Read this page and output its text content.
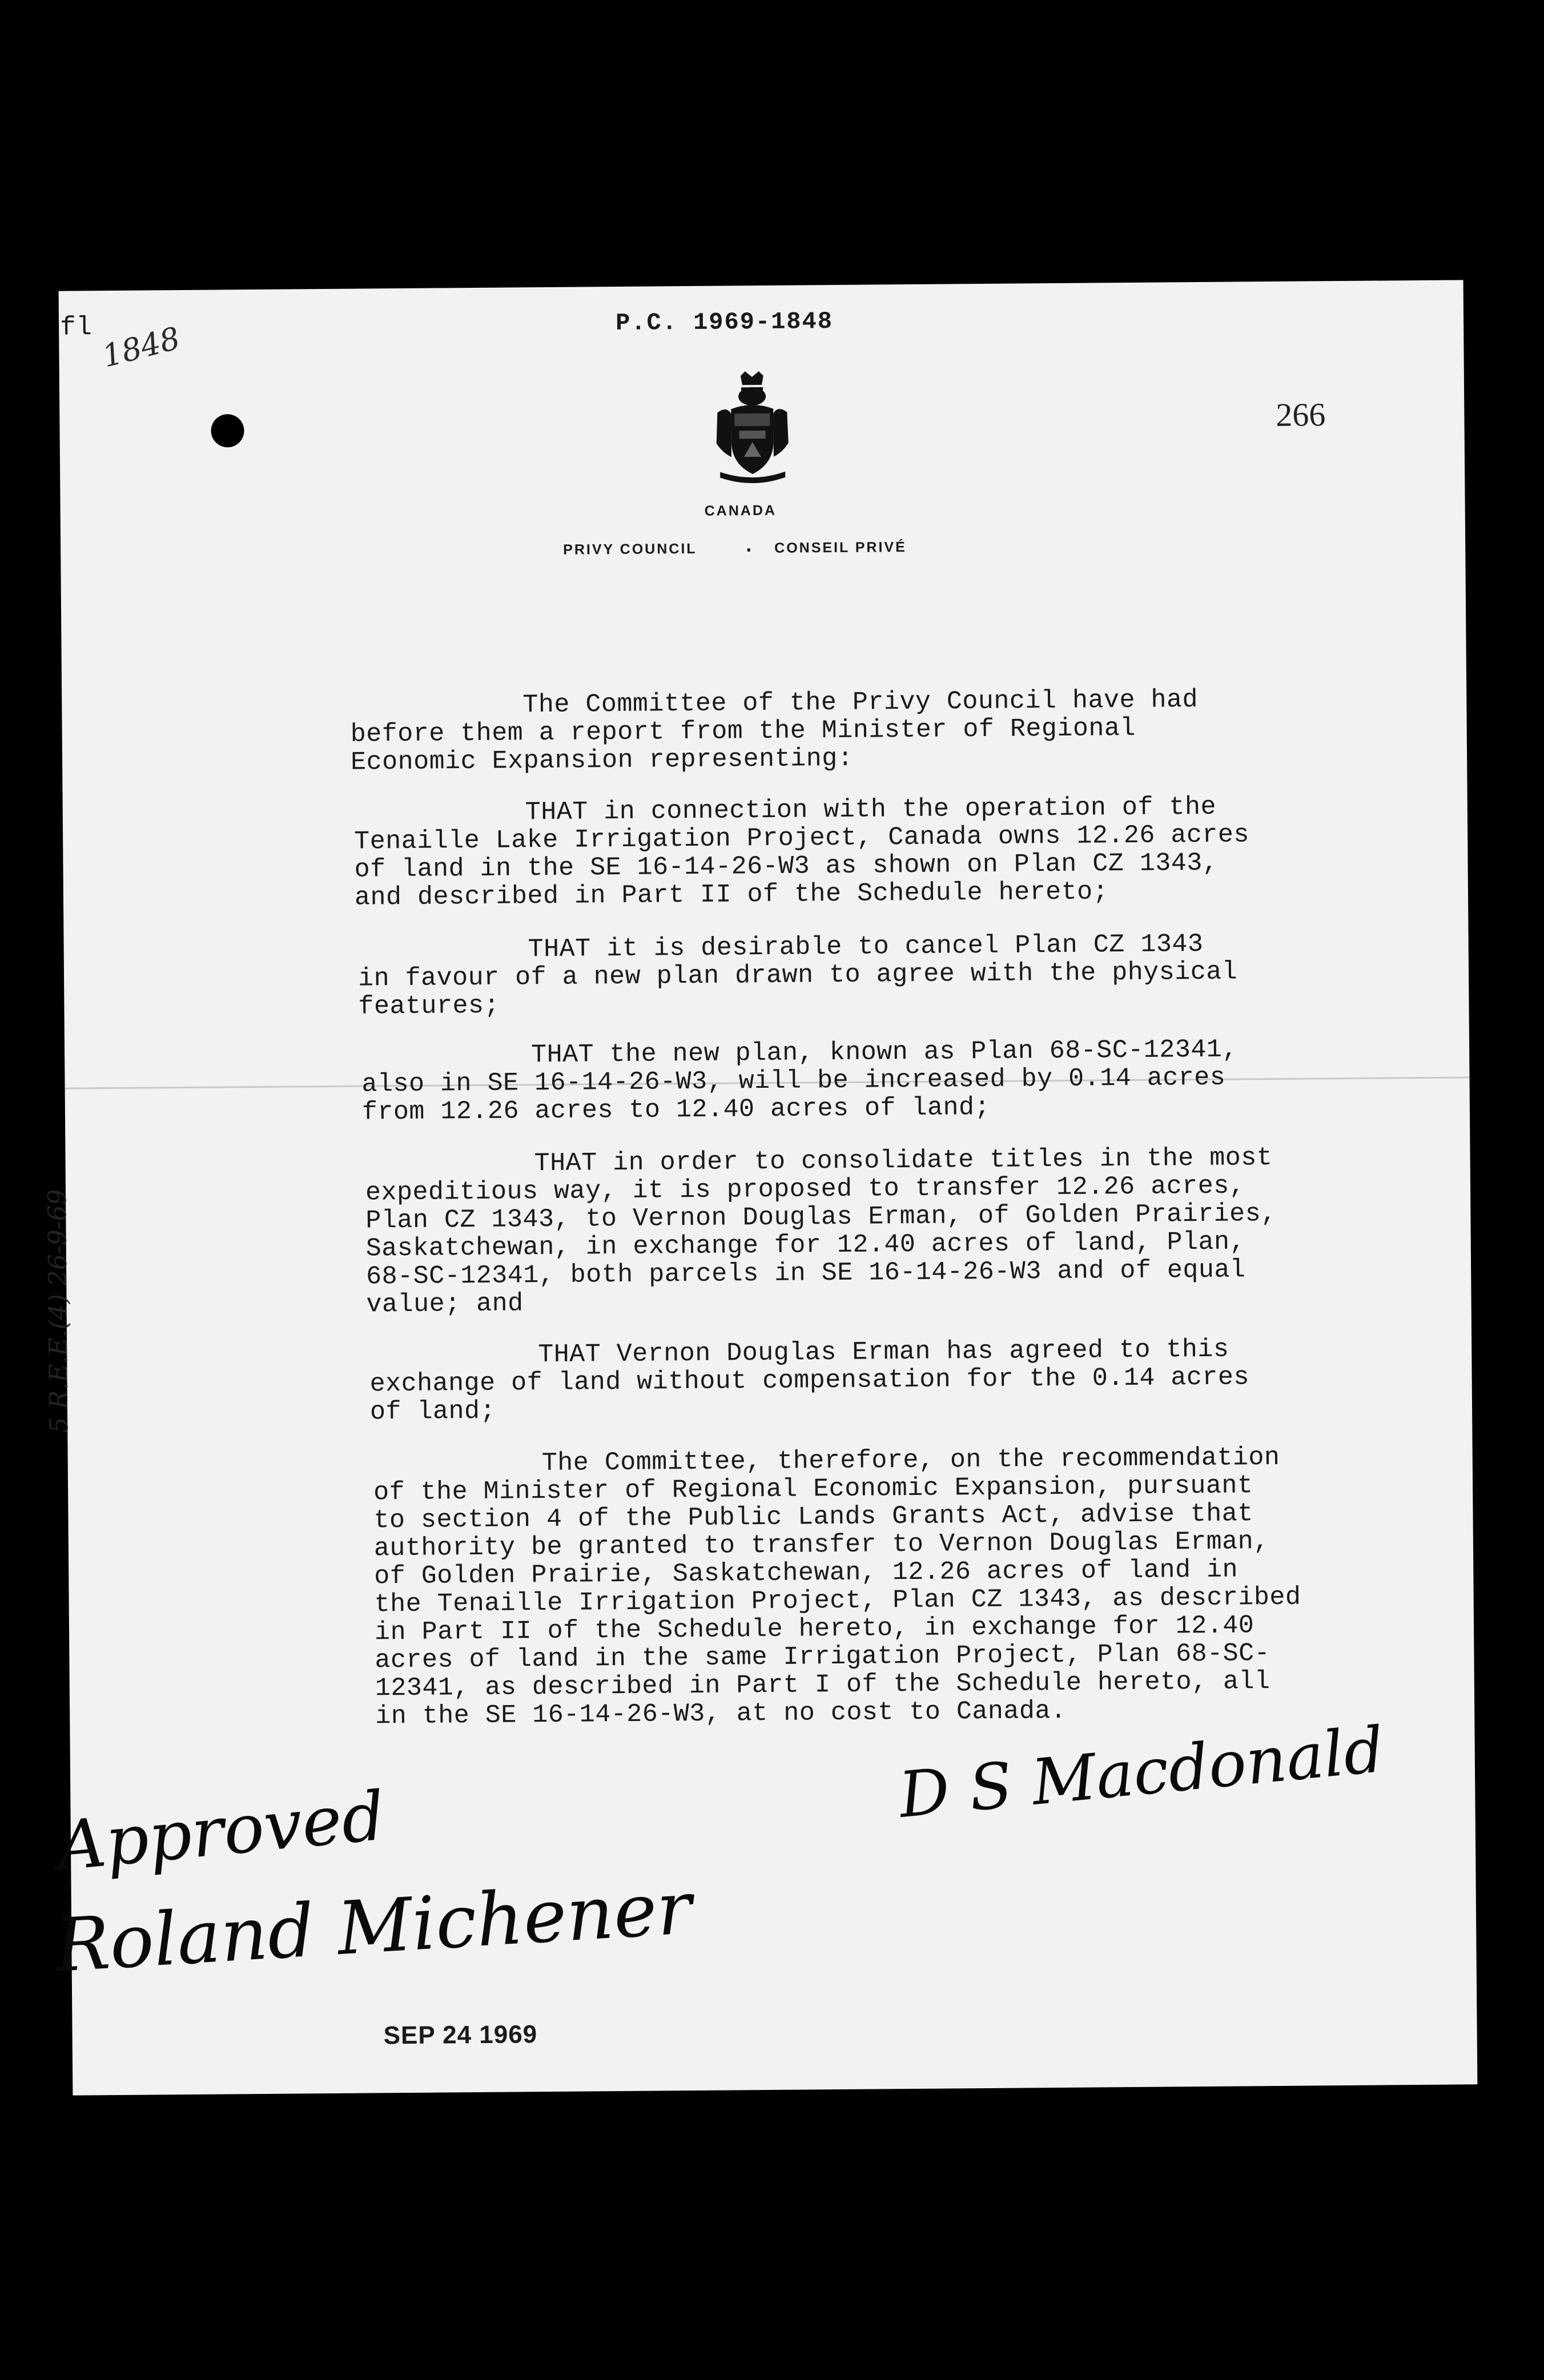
fl 1848	P.C. 1969-1848
266
CANADA
PRIVY COUNCIL · CONSEIL PRIVÉ
5 R.E.E.(4) 26-9-69
The Committee of the Privy Council have had
before them a report from the Minister of Regional
Economic Expansion representing:
THAT in connection with the operation of the
Tenaille Lake Irrigation Project, Canada owns 12.26 acres
of land in the SE 16-14-26-W3 as shown on Plan CZ 1343,
and described in Part II of the Schedule hereto;
THAT it is desirable to cancel Plan CZ 1343
in favour of a new plan drawn to agree with the physical
features;
THAT the new plan, known as Plan 68-SC-12341,
also in SE 16-14-26-W3, will be increased by 0.14 acres
from 12.26 acres to 12.40 acres of land;
THAT in order to consolidate titles in the most
expeditious way, it is proposed to transfer 12.26 acres,
Plan CZ 1343, to Vernon Douglas Erman, of Golden Prairies,
Saskatchewan, in exchange for 12.40 acres of land, Plan,
68-SC-12341, both parcels in SE 16-14-26-W3 and of equal
value; and
THAT Vernon Douglas Erman has agreed to this
exchange of land without compensation for the 0.14 acres
of land;
The Committee, therefore, on the recommendation
of the Minister of Regional Economic Expansion, pursuant
to section 4 of the Public Lands Grants Act, advise that
authority be granted to transfer to Vernon Douglas Erman,
of Golden Prairie, Saskatchewan, 12.26 acres of land in
the Tenaille Irrigation Project, Plan CZ 1343, as described
in Part II of the Schedule hereto, in exchange for 12.40
acres of land in the same Irrigation Project, Plan 68-SC-
12341, as described in Part I of the Schedule hereto, all
in the SE 16-14-26-W3, at no cost to Canada.
D S Macdonald
Approved
Roland Michener
SEP 24 1969
